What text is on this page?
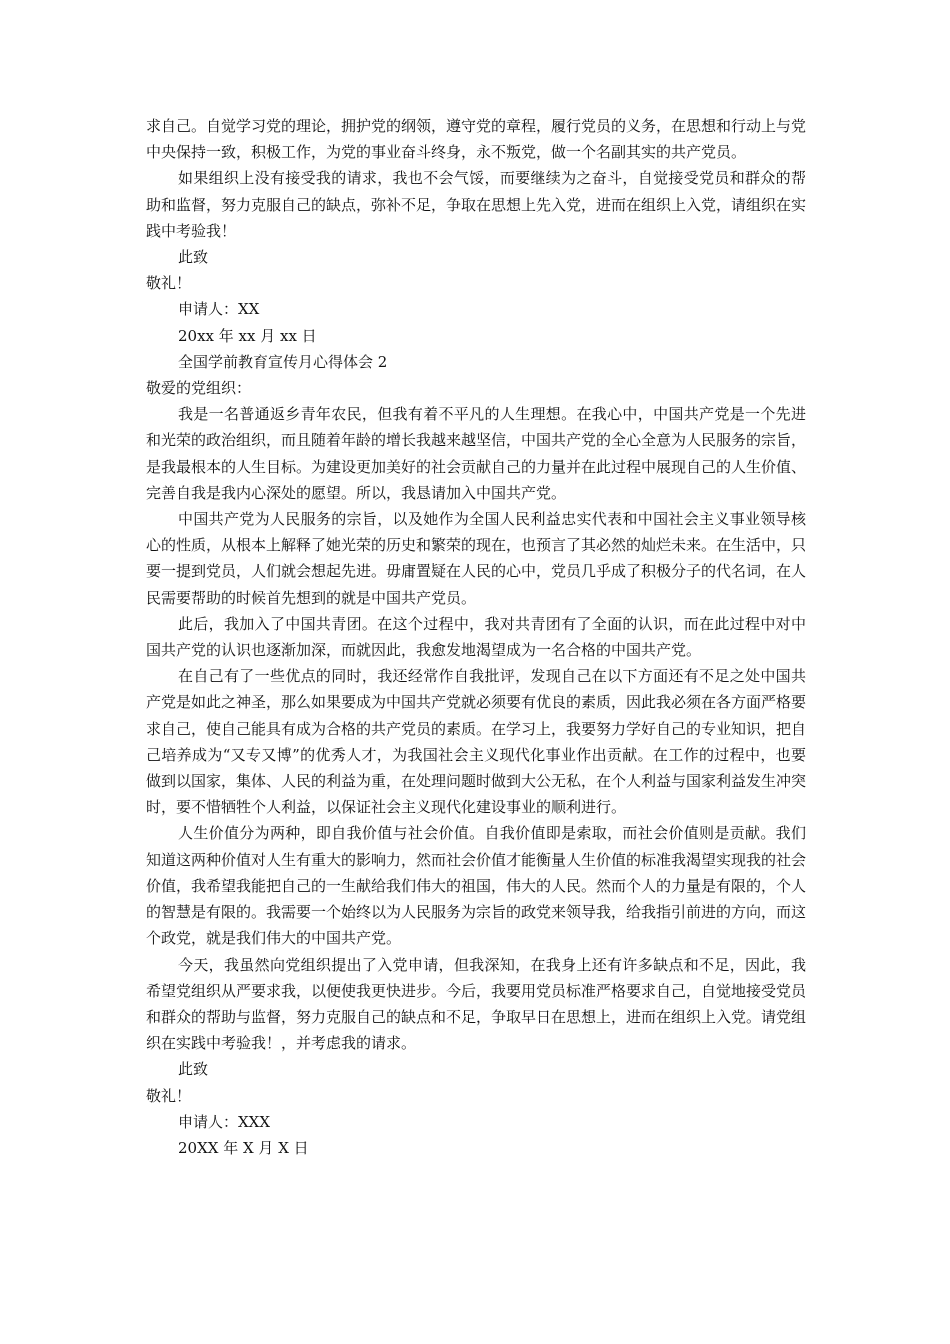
求自己。自觉学习党的理论，拥护党的纲领，遵守党的章程，履行党员的义务，在思想和行动上与党中央保持一致，积极工作，为党的事业奋斗终身，永不叛党，做一个名副其实的共产党员。

如果组织上没有接受我的请求，我也不会气馁，而要继续为之奋斗，自觉接受党员和群众的帮助和监督，努力克服自己的缺点，弥补不足，争取在思想上先入党，进而在组织上入党，请组织在实践中考验我！

此致

敬礼！

申请人：XX

20xx 年 xx 月 xx 日

全国学前教育宣传月心得体会 2

敬爱的党组织：

我是一名普通返乡青年农民，但我有着不平凡的人生理想。在我心中，中国共产党是一个先进和光荣的政治组织，而且随着年龄的增长我越来越坚信，中国共产党的全心全意为人民服务的宗旨，是我最根本的人生目标。为建设更加美好的社会贡献自己的力量并在此过程中展现自己的人生价值、完善自我是我内心深处的愿望。所以，我恳请加入中国共产党。

中国共产党为人民服务的宗旨，以及她作为全国人民利益忠实代表和中国社会主义事业领导核心的性质，从根本上解释了她光荣的历史和繁荣的现在，也预言了其必然的灿烂未来。在生活中，只要一提到党员，人们就会想起先进。毋庸置疑在人民的心中，党员几乎成了积极分子的代名词，在人民需要帮助的时候首先想到的就是中国共产党员。

此后，我加入了中国共青团。在这个过程中，我对共青团有了全面的认识，而在此过程中对中国共产党的认识也逐渐加深，而就因此，我愈发地渴望成为一名合格的中国共产党。

在自己有了一些优点的同时，我还经常作自我批评，发现自己在以下方面还有不足之处中国共产党是如此之神圣，那么如果要成为中国共产党就必须要有优良的素质，因此我必须在各方面严格要求自己，使自己能具有成为合格的共产党员的素质。在学习上，我要努力学好自己的专业知识，把自己培养成为“又专又博”的优秀人才，为我国社会主义现代化事业作出贡献。在工作的过程中，也要做到以国家，集体、人民的利益为重，在处理问题时做到大公无私，在个人利益与国家利益发生冲突时，要不惜牺牲个人利益，以保证社会主义现代化建设事业的顺利进行。

人生价值分为两种，即自我价值与社会价值。自我价值即是索取，而社会价值则是贡献。我们知道这两种价值对人生有重大的影响力，然而社会价值才能衡量人生价值的标准我渴望实现我的社会价值，我希望我能把自己的一生献给我们伟大的祖国，伟大的人民。然而个人的力量是有限的，个人的智慧是有限的。我需要一个始终以为人民服务为宗旨的政党来领导我，给我指引前进的方向，而这个政党，就是我们伟大的中国共产党。

今天，我虽然向党组织提出了入党申请，但我深知，在我身上还有许多缺点和不足，因此，我希望党组织从严要求我，以便使我更快进步。今后，我要用党员标准严格要求自己，自觉地接受党员和群众的帮助与监督，努力克服自己的缺点和不足，争取早日在思想上，进而在组织上入党。请党组织在实践中考验我！，并考虑我的请求。

此致

敬礼！

申请人：XXX

20XX 年 X 月 X 日
